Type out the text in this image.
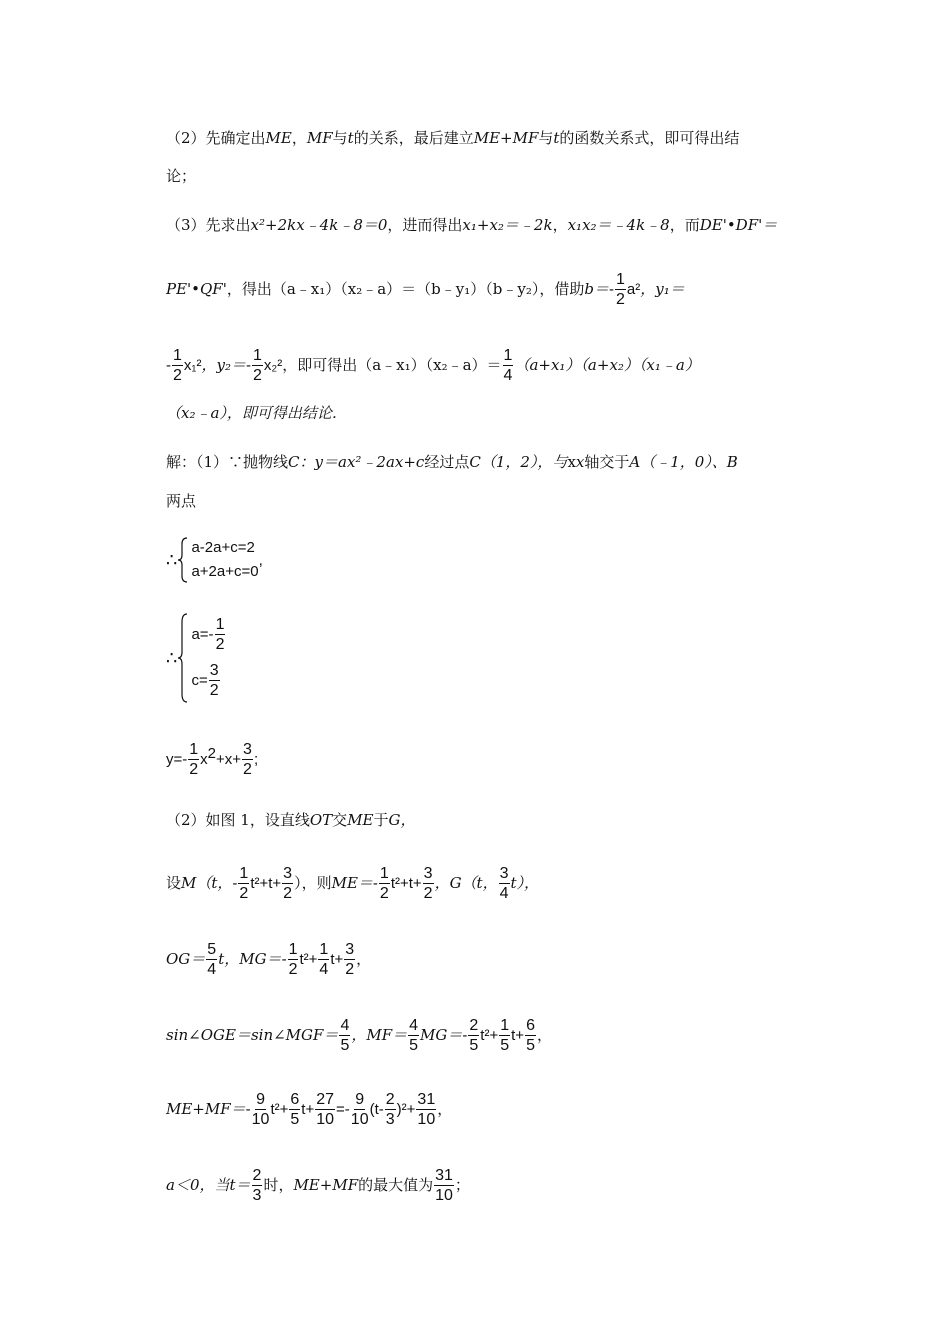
（2）先确定出ME，MF与t的关系，最后建立ME+MF与t的函数关系式，即可得出结
论；
（3）先求出x²+2kx﹣4k﹣8＝0，进而得出x₁+x₂＝﹣2k，x₁x₂＝﹣4k﹣8，而DE'•DF'＝
PE'•QF'，得出（a﹣x₁）（x₂﹣a）＝（b﹣y₁）（b﹣y₂），借助$b=- \frac{1}{2} a^2$，y₁＝
- $\frac{1}{2} x_1^2$，$y_2=- \frac{1}{2} x_2^2$，即可得出（a﹣x₁）（x₂﹣a）＝ $\frac{1}{4}$ （a+x₁）（a+x₂）（x₁﹣a）
（x₂﹣a），即可得出结论．
解：（1）∵抛物线C：y＝ax²﹣2ax+c经过点C（1，2），与xx轴交于A（﹣1，0）、B
两点
∴
a-2a+c=2
a+2a+c=0
,
∴
$a=- \frac{1}{2}$
$c= \frac{3}{2}$
$y=- \frac{1}{2} x^2+x+ \frac{3}{2}$ ;
（2）如图 1，设直线OT交ME于G，
设M（t，- $\frac{1}{2} t^2+t+ \frac{3}{2}$ ），则$ME=- \frac{1}{2} t^2+t+ \frac{3}{2}$ ，G（t， $\frac{3}{4} t$），
$OG= \frac{5}{4}$ t，$MG=- \frac{1}{2} t^2+ \frac{1}{4} t+ \frac{3}{2}$ ，
sin∠OGE＝sin∠MGF＝ $\frac{4}{5}$ ，$MF= \frac{4}{5} MG=- \frac{2}{5} t^2+ \frac{1}{5} t+ \frac{6}{5}$ ，
$ME+MF=- \frac{9}{10} t^2+ \frac{6}{5} t+ \frac{27}{10} =- \frac{9}{10} (t- \frac{2}{3} )^2+ \frac{31}{10}$ ，
a＜0，当$t= \frac{2}{3}$ 时，ME+MF的最大值为 $\frac{31}{10}$ ；
